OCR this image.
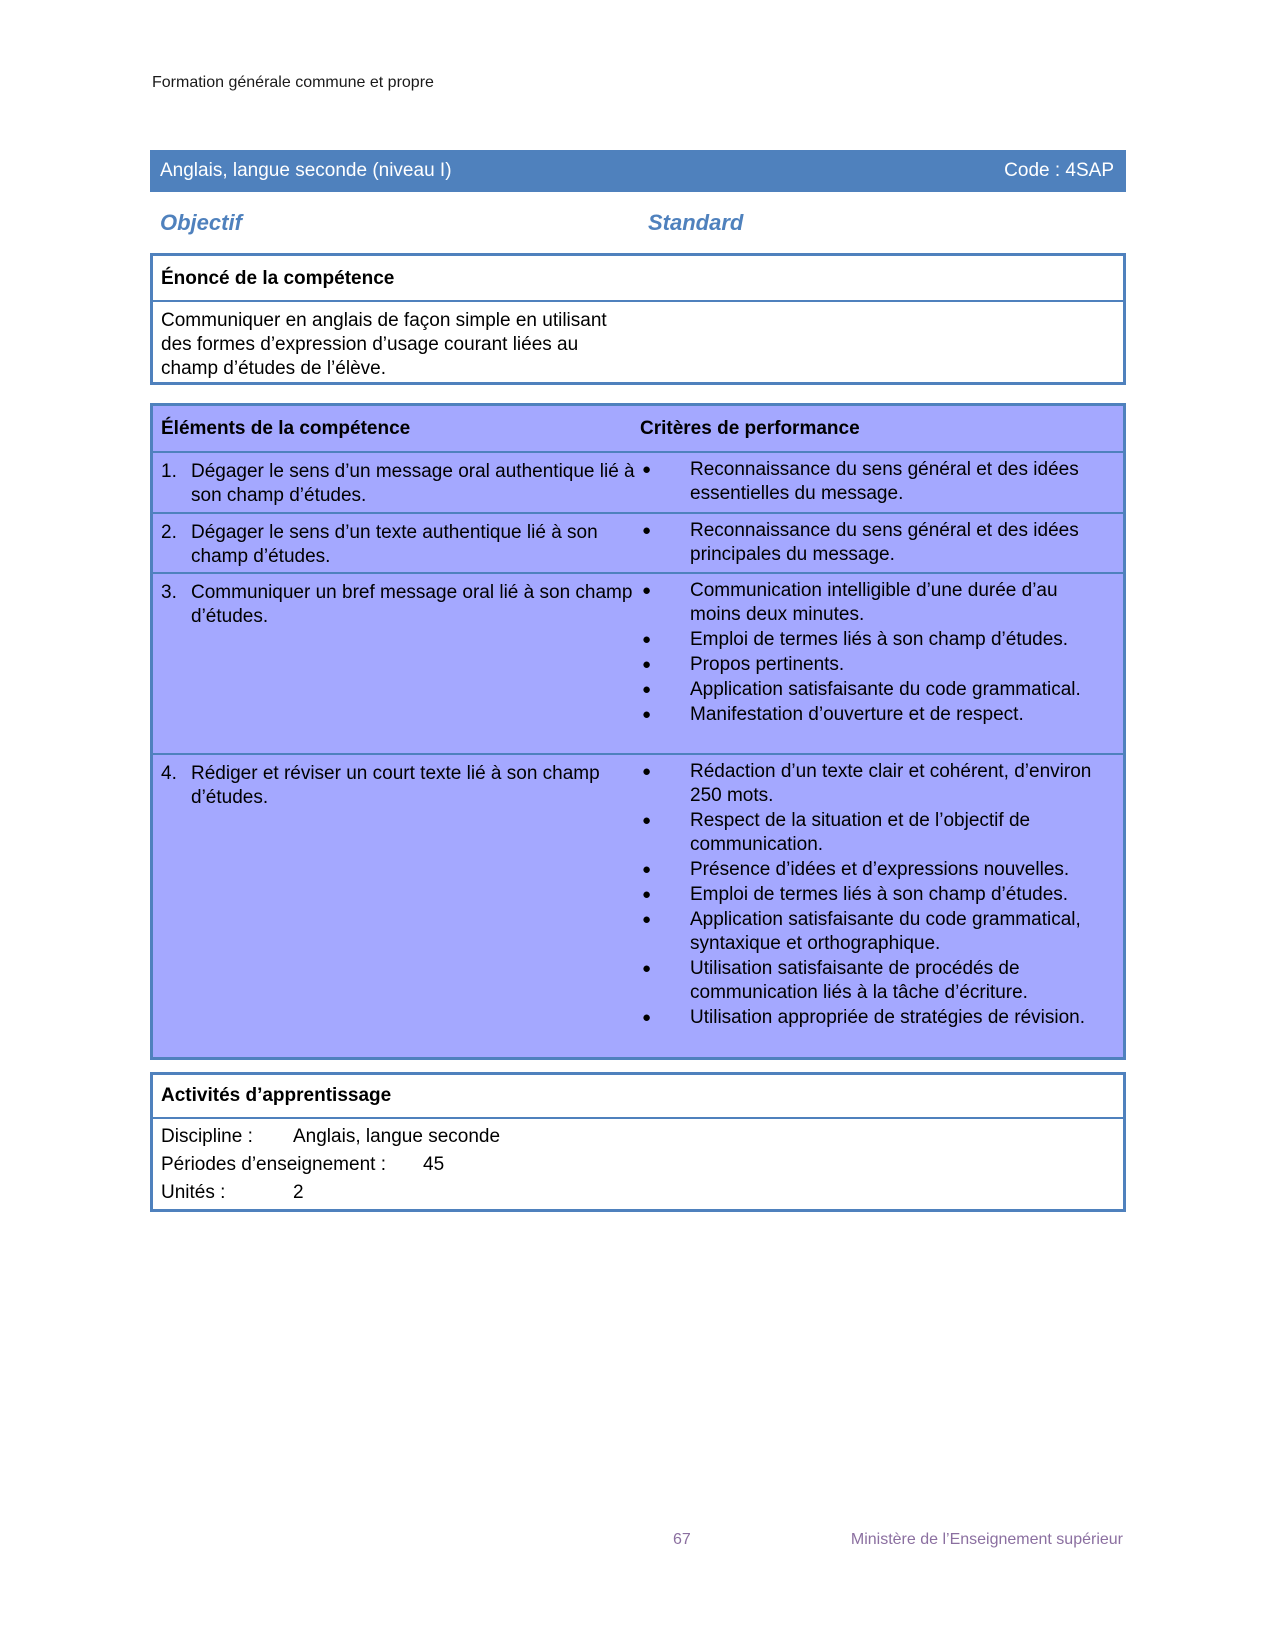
Formation générale commune et propre
Anglais, langue seconde (niveau I)	Code : 4SAP
Objectif	Standard
Énoncé de la compétence
Communiquer en anglais de façon simple en utilisant des formes d’expression d’usage courant liées au champ d’études de l’élève.
Éléments de la compétence	Critères de performance
1. Dégager le sens d’un message oral authentique lié à son champ d’études.
●	Reconnaissance du sens général et des idées essentielles du message.
2. Dégager le sens d’un texte authentique lié à son champ d’études.
●	Reconnaissance du sens général et des idées principales du message.
3. Communiquer un bref message oral lié à son champ d’études.
●	Communication intelligible d’une durée d’au moins deux minutes.
●	Emploi de termes liés à son champ d’études.
●	Propos pertinents.
●	Application satisfaisante du code grammatical.
●	Manifestation d’ouverture et de respect.
4. Rédiger et réviser un court texte lié à son champ d’études.
●	Rédaction d’un texte clair et cohérent, d’environ 250 mots.
●	Respect de la situation et de l’objectif de communication.
●	Présence d’idées et d’expressions nouvelles.
●	Emploi de termes liés à son champ d’études.
●	Application satisfaisante du code grammatical, syntaxique et orthographique.
●	Utilisation satisfaisante de procédés de communication liés à la tâche d’écriture.
●	Utilisation appropriée de stratégies de révision.
Activités d’apprentissage
Discipline :	Anglais, langue seconde
Périodes d’enseignement :	45
Unités :	2
67	Ministère de l’Enseignement supérieur
